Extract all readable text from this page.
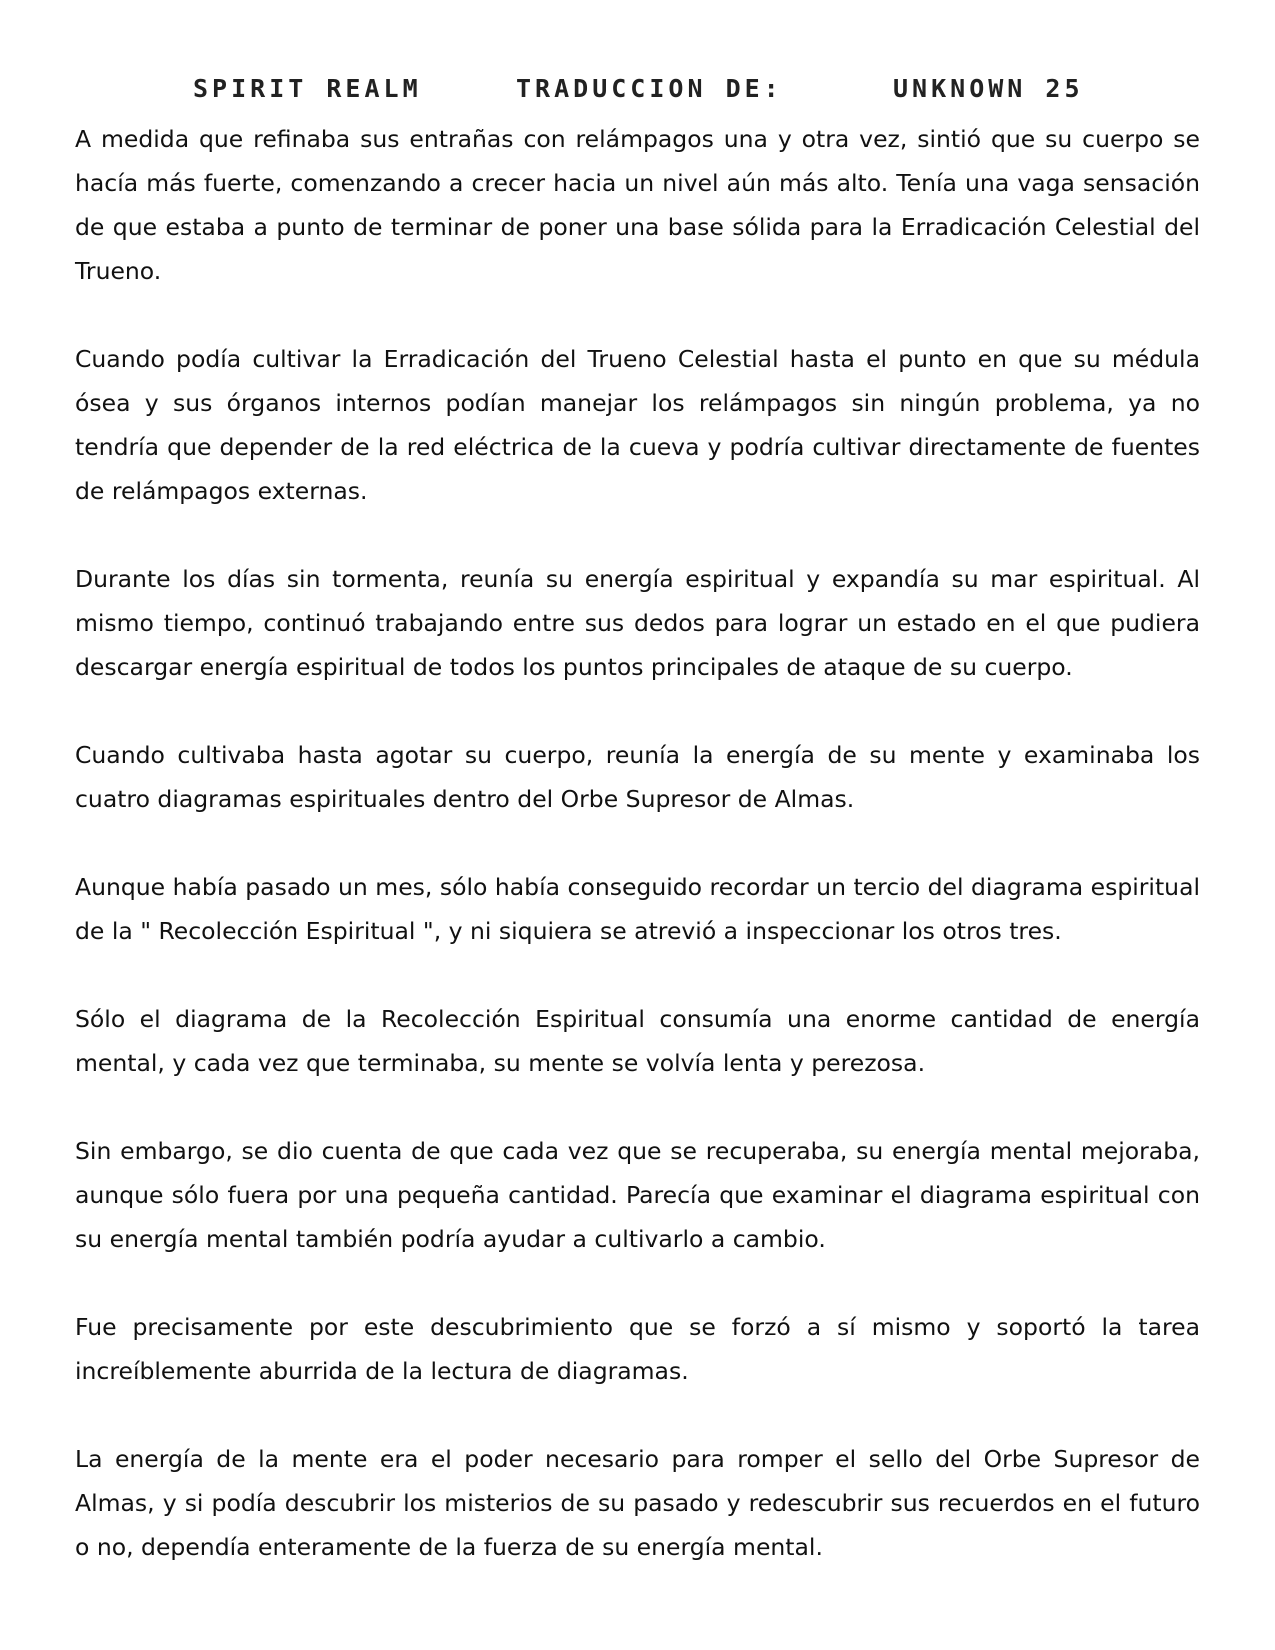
SPIRIT REALM	TRADUCCION DE:	UNKNOWN 25

A medida que refinaba sus entrañas con relámpagos una y otra vez, sintió que su cuerpo se hacía más fuerte, comenzando a crecer hacia un nivel aún más alto. Tenía una vaga sensación de que estaba a punto de terminar de poner una base sólida para la Erradicación Celestial del Trueno.

Cuando podía cultivar la Erradicación del Trueno Celestial hasta el punto en que su médula ósea y sus órganos internos podían manejar los relámpagos sin ningún problema, ya no tendría que depender de la red eléctrica de la cueva y podría cultivar directamente de fuentes de relámpagos externas.

Durante los días sin tormenta, reunía su energía espiritual y expandía su mar espiritual. Al mismo tiempo, continuó trabajando entre sus dedos para lograr un estado en el que pudiera descargar energía espiritual de todos los puntos principales de ataque de su cuerpo.

Cuando cultivaba hasta agotar su cuerpo, reunía la energía de su mente y examinaba los cuatro diagramas espirituales dentro del Orbe Supresor de Almas.

Aunque había pasado un mes, sólo había conseguido recordar un tercio del diagrama espiritual de la " Recolección Espiritual ", y ni siquiera se atrevió a inspeccionar los otros tres.

Sólo el diagrama de la Recolección Espiritual consumía una enorme cantidad de energía mental, y cada vez que terminaba, su mente se volvía lenta y perezosa.

Sin embargo, se dio cuenta de que cada vez que se recuperaba, su energía mental mejoraba, aunque sólo fuera por una pequeña cantidad. Parecía que examinar el diagrama espiritual con su energía mental también podría ayudar a cultivarlo a cambio.

Fue precisamente por este descubrimiento que se forzó a sí mismo y soportó la tarea increíblemente aburrida de la lectura de diagramas.

La energía de la mente era el poder necesario para romper el sello del Orbe Supresor de Almas, y si podía descubrir los misterios de su pasado y redescubrir sus recuerdos en el futuro o no, dependía enteramente de la fuerza de su energía mental.
